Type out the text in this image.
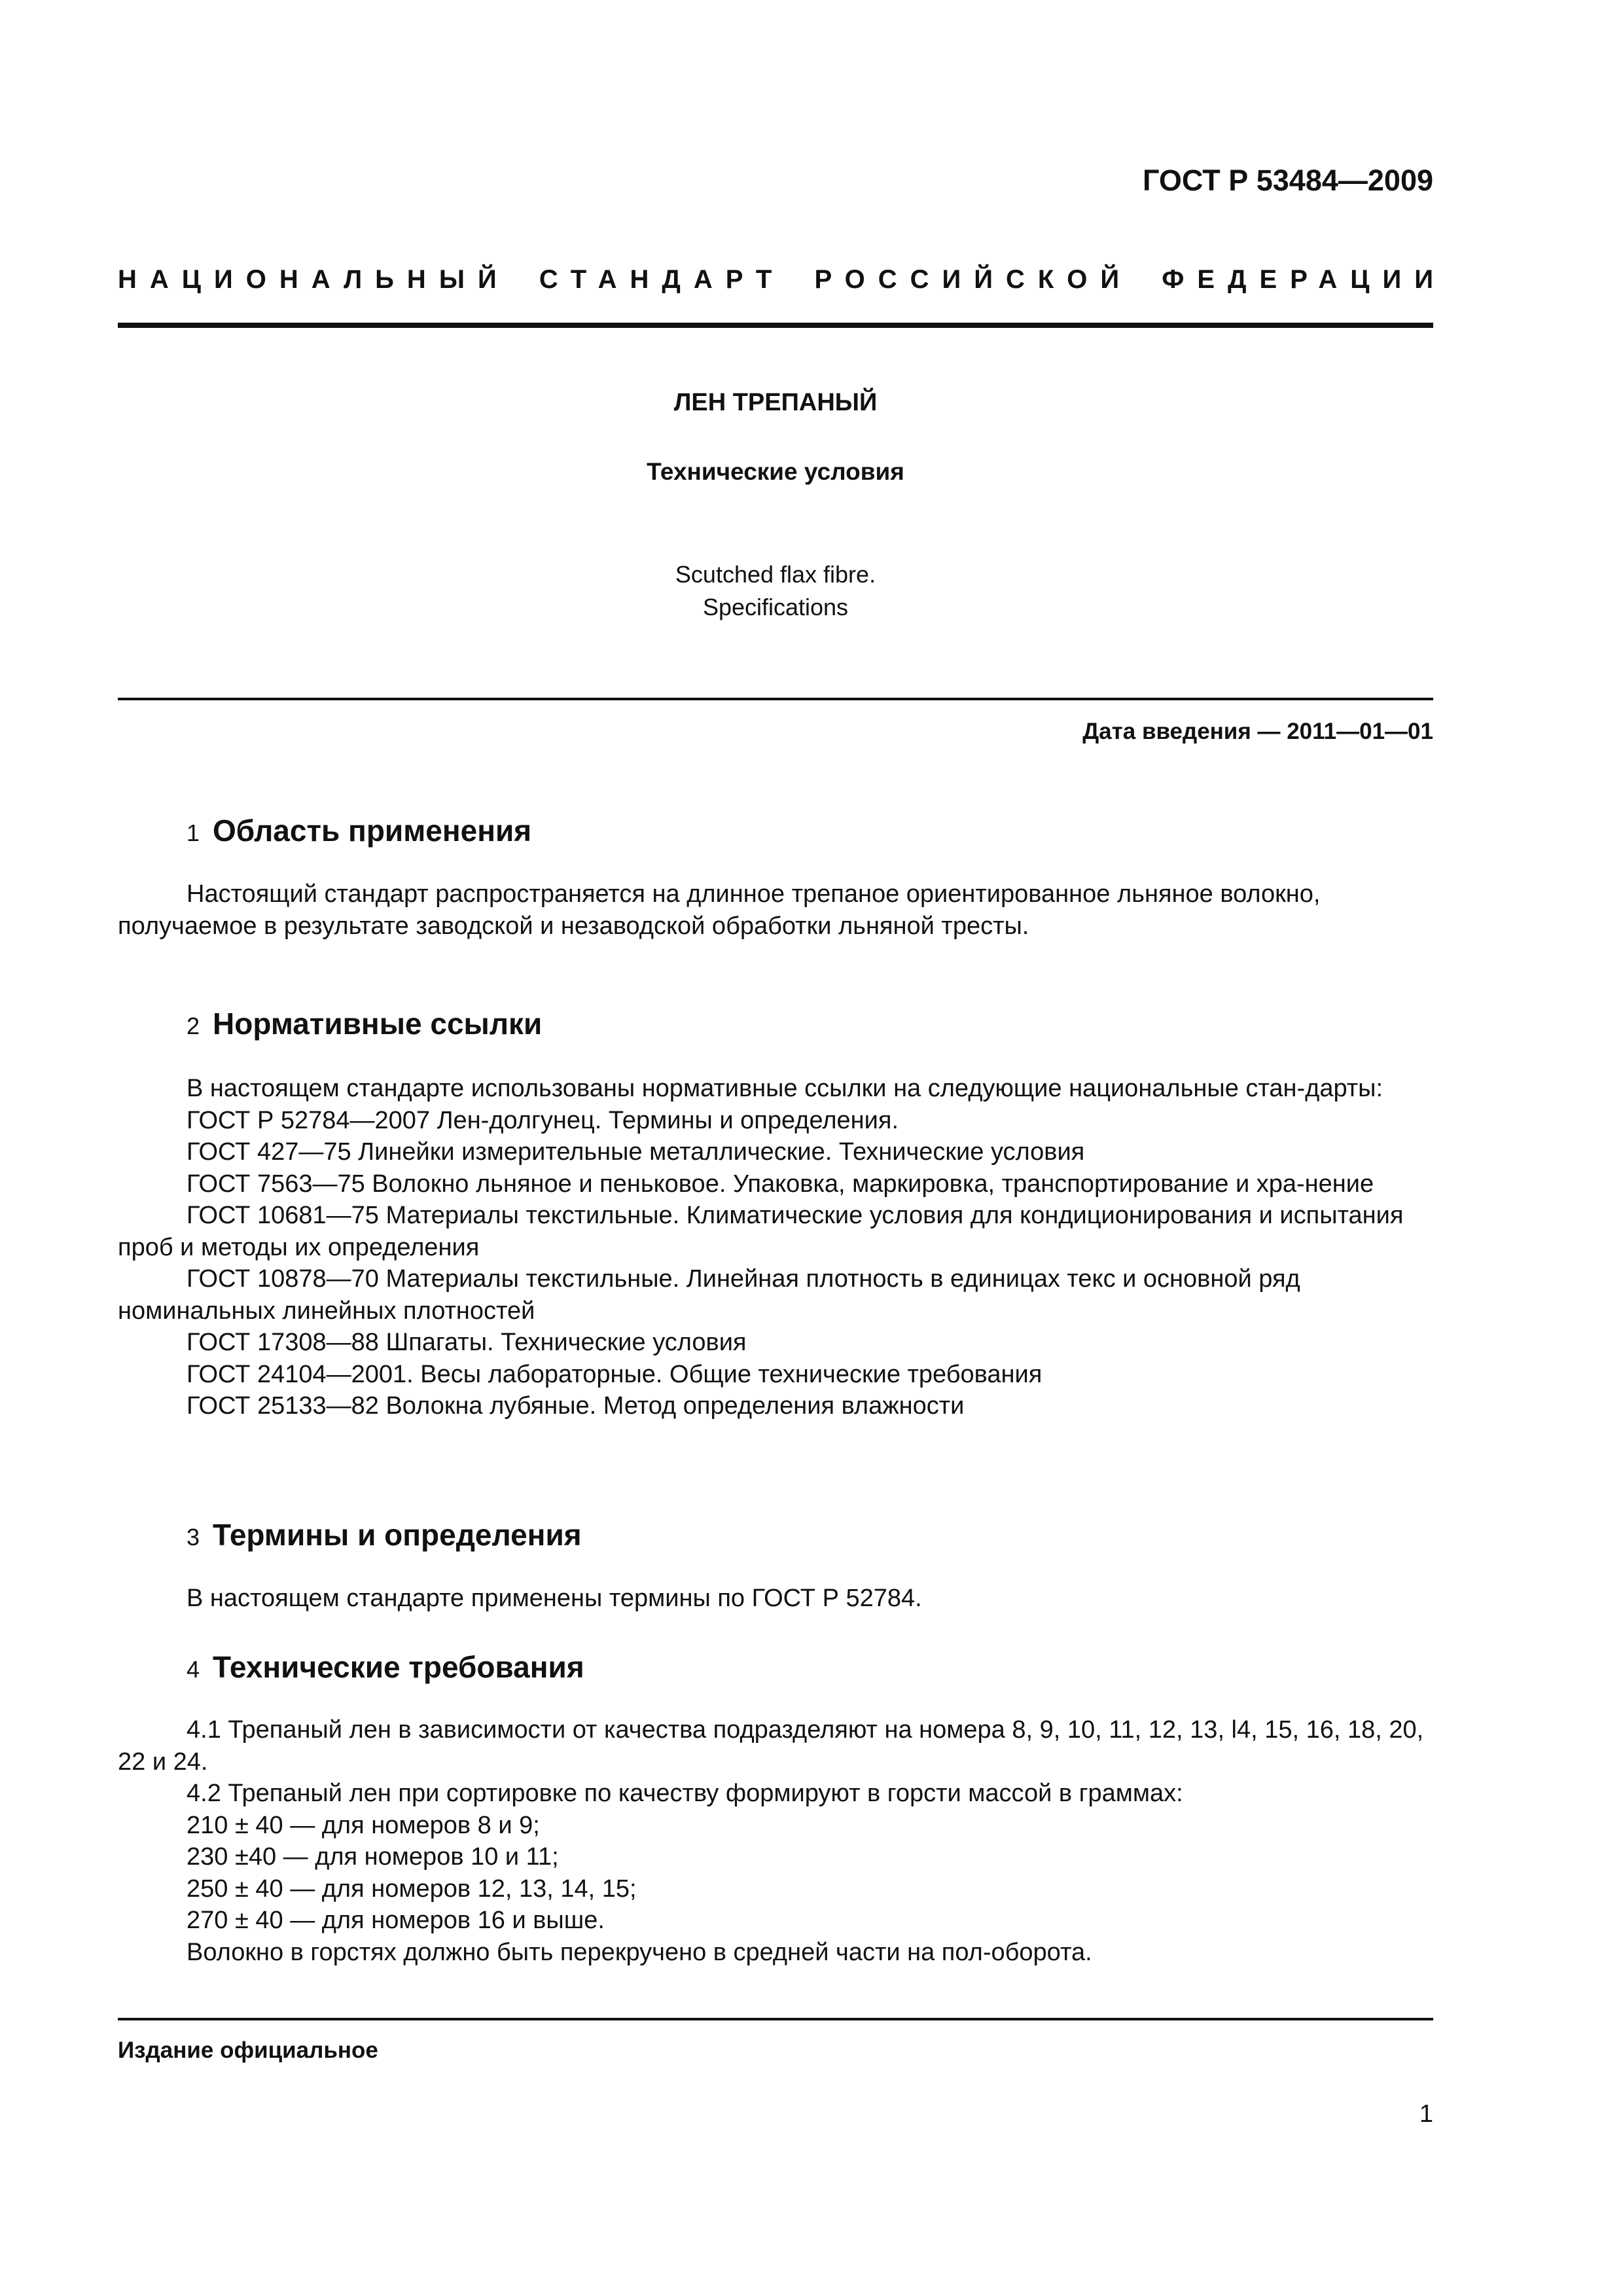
ГОСТ Р 53484—2009
НАЦИОНАЛЬНЫЙ СТАНДАРТ РОССИЙСКОЙ ФЕДЕРАЦИИ
ЛЕН ТРЕПАНЫЙ
Технические условия
Scutched flax fibre.
Specifications
Дата введения — 2011—01—01
1 Область применения

Настоящий стандарт распространяется на длинное трепаное ориентированное льняное волокно, получаемое в результате заводской и незаводской обработки льняной тресты.

2 Нормативные ссылки

В настоящем стандарте использованы нормативные ссылки на следующие национальные стан-дарты:

ГОСТ Р 52784—2007 Лен-долгунец. Термины и определения.

ГОСТ 427—75 Линейки измерительные металлические. Технические условия

ГОСТ 7563—75 Волокно льняное и пеньковое. Упаковка, маркировка, транспортирование и хра-нение

ГОСТ 10681—75 Материалы текстильные. Климатические условия для кондиционирования и испытания проб и методы их определения

ГОСТ 10878—70 Материалы текстильные. Линейная плотность в единицах текс и основной ряд номинальных линейных плотностей

ГОСТ 17308—88 Шпагаты. Технические условия

ГОСТ 24104—2001. Весы лабораторные. Общие технические требования

ГОСТ 25133—82 Волокна лубяные. Метод определения влажности

3 Термины и определения

В настоящем стандарте применены термины по ГОСТ Р 52784.

4 Технические требования

4.1 Трепаный лен в зависимости от качества подразделяют на номера 8, 9, 10, 11, 12, 13, l4, 15, 16, 18, 20, 22 и 24.

4.2 Трепаный лен при сортировке по качеству формируют в горсти массой в граммах:

210 ± 40 — для номеров 8 и 9;

230 ±40 — для номеров 10 и 11;

250 ± 40 — для номеров 12, 13, 14, 15;

270 ± 40 — для номеров 16 и выше.

Волокно в горстях должно быть перекручено в средней части на пол-оборота.

Издание официальное
1
